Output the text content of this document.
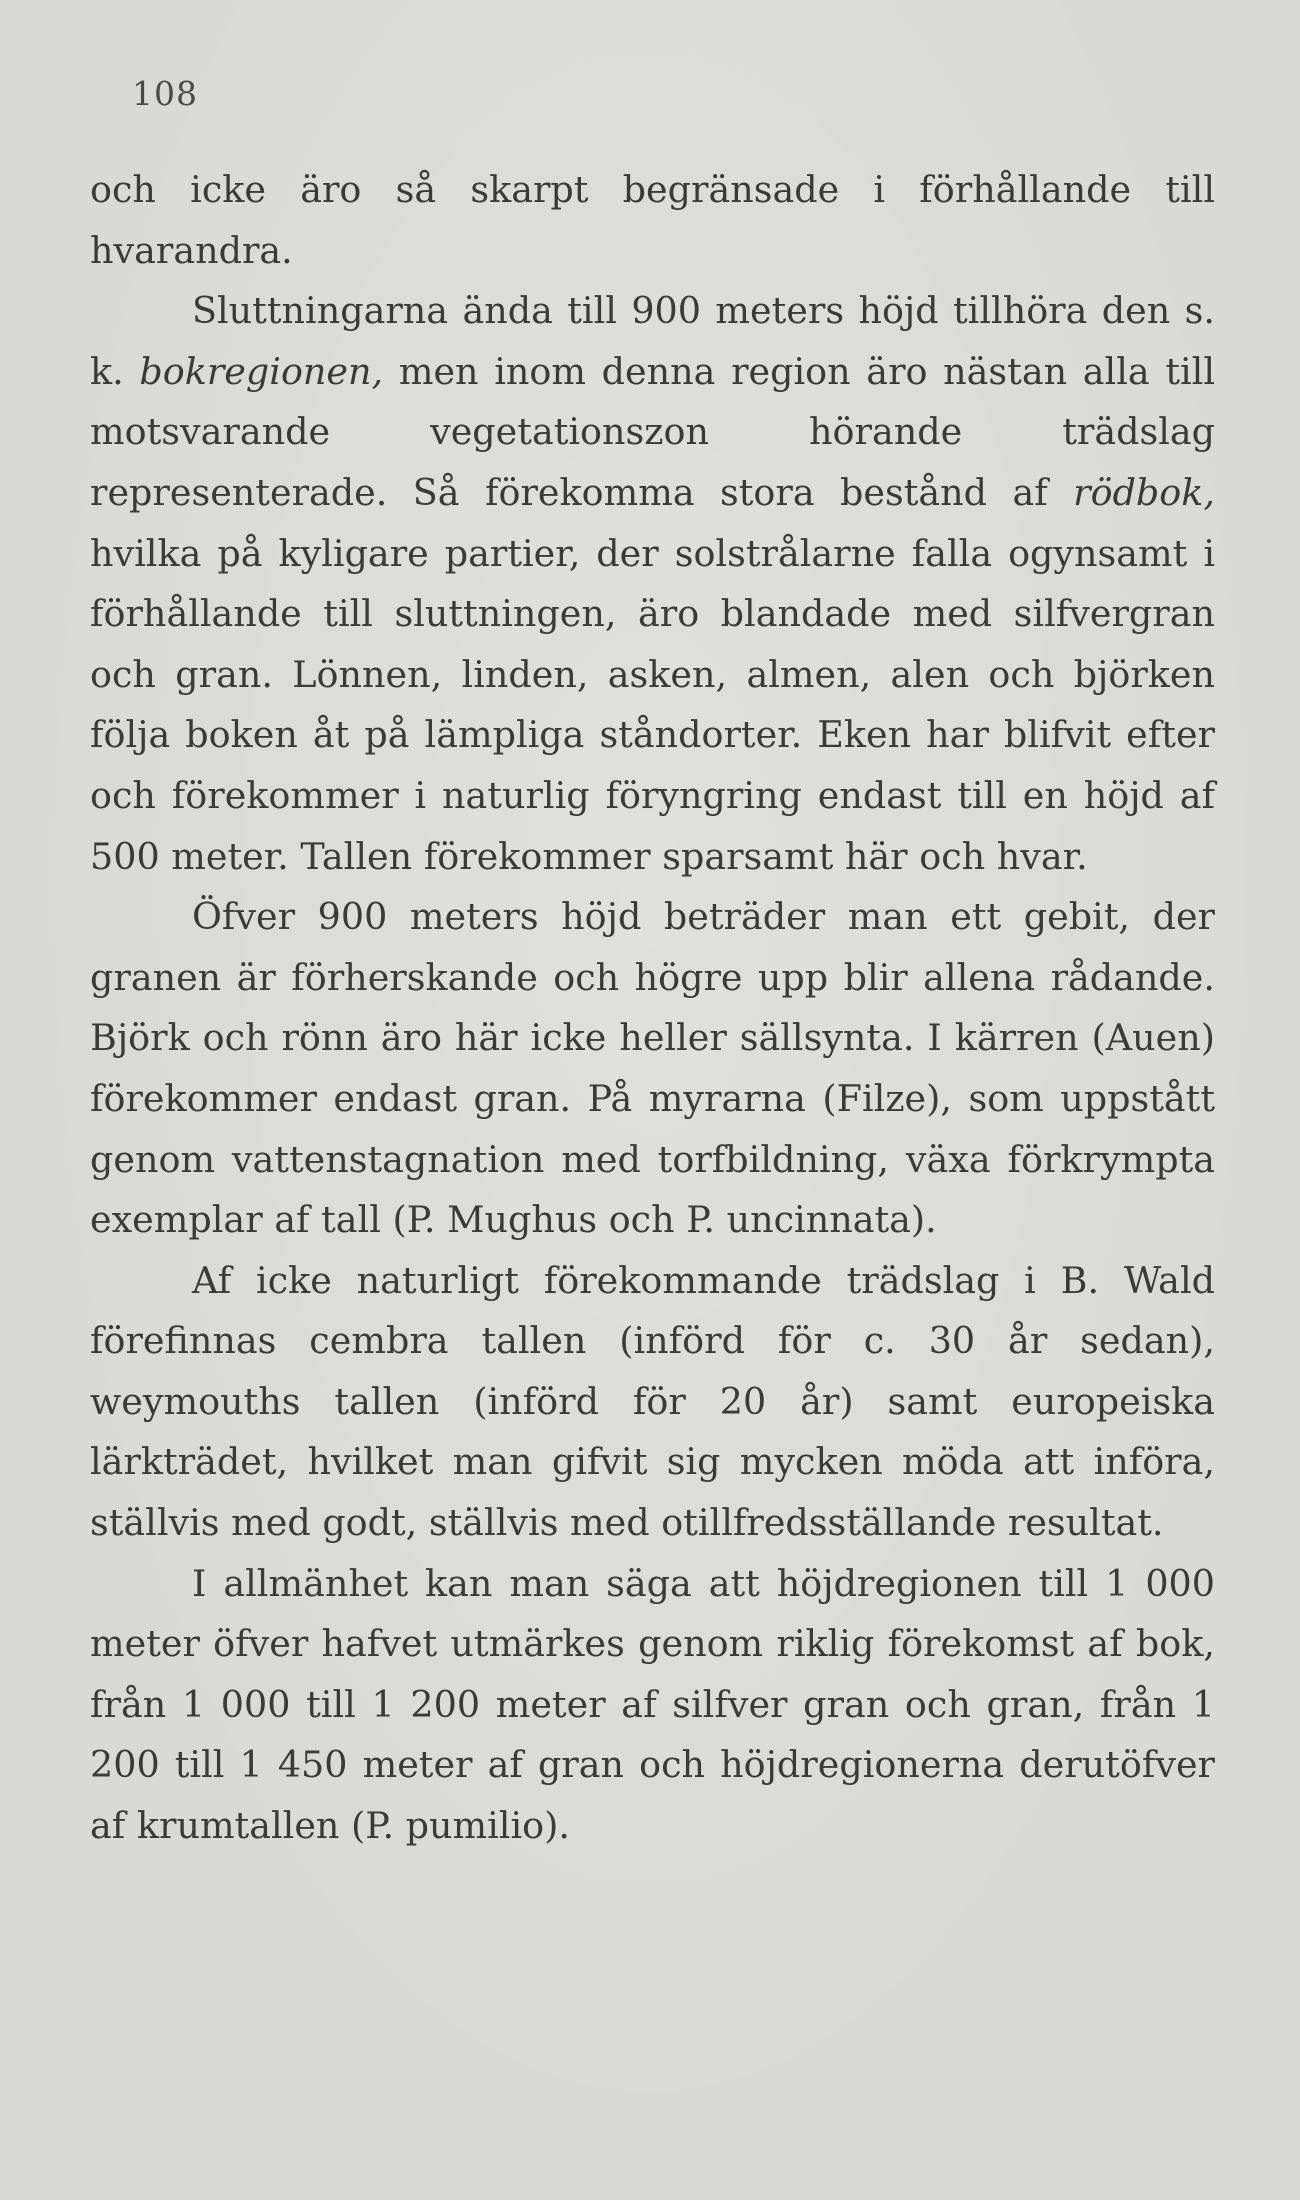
108

och icke äro så skarpt begränsade i förhållande till hvarandra.

Sluttningarna ända till 900 meters höjd tillhöra den s. k. bokregionen, men inom denna region äro nästan alla till motsvarande vegetationszon hörande trädslag representerade. Så förekomma stora bestånd af rödbok, hvilka på kyligare partier, der solstrålarne falla ogynsamt i förhållande till sluttningen, äro blandade med silfvergran och gran. Lönnen, linden, asken, almen, alen och björken följa boken åt på lämpliga ståndorter. Eken har blifvit efter och förekommer i naturlig föryngring endast till en höjd af 500 meter. Tallen förekommer sparsamt här och hvar.

Öfver 900 meters höjd beträder man ett gebit, der granen är förherskande och högre upp blir allena rådande. Björk och rönn äro här icke heller sällsynta. I kärren (Auen) förekommer endast gran. På myrarna (Filze), som uppstått genom vattenstagnation med torfbildning, växa förkrympta exemplar af tall (P. Mughus och P. uncinnata).

Af icke naturligt förekommande trädslag i B. Wald förefinnas cembra tallen (införd för c. 30 år sedan), weymouths tallen (införd för 20 år) samt europeiska lärkträdet, hvilket man gifvit sig mycken möda att införa, ställvis med godt, ställvis med otillfredsställande resultat.

I allmänhet kan man säga att höjdregionen till 1 000 meter öfver hafvet utmärkes genom riklig förekomst af bok, från 1 000 till 1 200 meter af silfver gran och gran, från 1 200 till 1 450 meter af gran och höjdregionerna derutöfver af krumtallen (P. pumilio).
